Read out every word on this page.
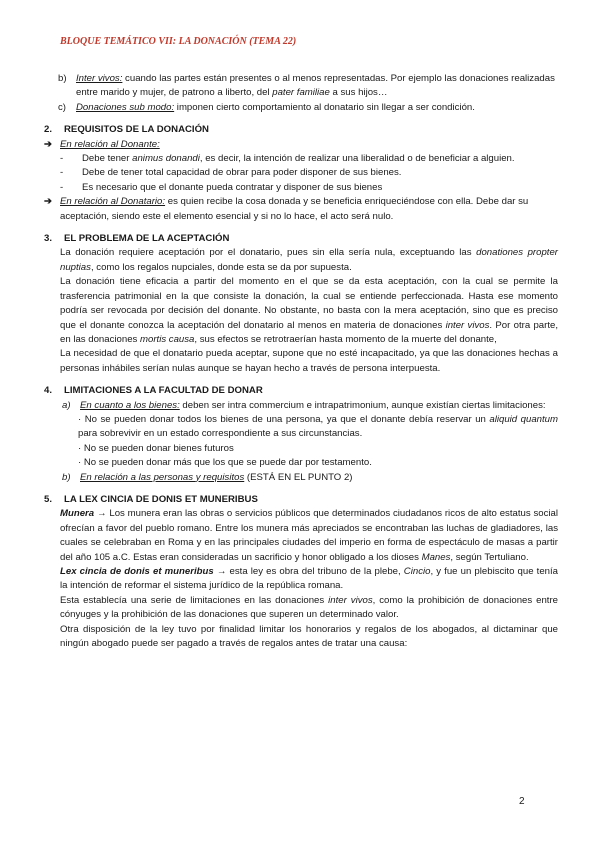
BLOQUE TEMÁTICO VII: LA DONACIÓN (TEMA 22)
b) Inter vivos: cuando las partes están presentes o al menos representadas. Por ejemplo las donaciones realizadas entre marido y mujer, de patrono a liberto, del pater familiae a sus hijos…
c)	Donaciones sub modo: imponen cierto comportamiento al donatario sin llegar a ser condición.
2. REQUISITOS DE LA DONACIÓN
➔ En relación al Donante:
-	Debe tener animus donandi, es decir, la intención de realizar una liberalidad o de beneficiar a alguien.
-	Debe de tener total capacidad de obrar para poder disponer de sus bienes.
-	Es necesario que el donante pueda contratar y disponer de sus bienes
➔ En relación al Donatario: es quien recibe la cosa donada y se beneficia enriqueciéndose con ella. Debe dar su aceptación, siendo este el elemento esencial y si no lo hace, el acto será nulo.
3. EL PROBLEMA DE LA ACEPTACIÓN
La donación requiere aceptación por el donatario, pues sin ella sería nula, exceptuando las donationes propter nuptias, como los regalos nupciales, donde esta se da por supuesta.
La donación tiene eficacia a partir del momento en el que se da esta aceptación, con la cual se permite la trasferencia patrimonial en la que consiste la donación, la cual se entiende perfeccionada. Hasta ese momento podría ser revocada por decisión del donante. No obstante, no basta con la mera aceptación, sino que es preciso que el donante conozca la aceptación del donatario al menos en materia de donaciones inter vivos. Por otra parte, en las donaciones mortis causa, sus efectos se retrotraerían hasta momento de la muerte del donante,
La necesidad de que el donatario pueda aceptar, supone que no esté incapacitado, ya que las donaciones hechas a personas inhábiles serían nulas aunque se hayan hecho a través de persona interpuesta.
4. LIMITACIONES A LA FACULTAD DE DONAR
a) En cuanto a los bienes: deben ser intra commercium e intrapatrimonium, aunque existían ciertas limitaciones:
· No se pueden donar todos los bienes de una persona, ya que el donante debía reservar un aliquid quantum para sobrevivir en un estado correspondiente a sus circunstancias.
· No se pueden donar bienes futuros
· No se pueden donar más que los que se puede dar por testamento.
b) En relación a las personas y requisitos (ESTÁ EN EL PUNTO 2)
5. LA LEX CINCIA DE DONIS ET MUNERIBUS
Munera → Los munera eran las obras o servicios públicos que determinados ciudadanos ricos de alto estatus social ofrecían a favor del pueblo romano. Entre los munera más apreciados se encontraban las luchas de gladiadores, las cuales se celebraban en Roma y en las principales ciudades del imperio en forma de espectáculo de masas a partir del año 105 a.C. Estas eran consideradas un sacrificio y honor obligado a los dioses Manes, según Tertuliano.
Lex cincia de donis et muneribus → esta ley es obra del tribuno de la plebe, Cincio, y fue un plebiscito que tenía la intención de reformar el sistema jurídico de la república romana.
Esta establecía una serie de limitaciones en las donaciones inter vivos, como la prohibición de donaciones entre cónyuges y la prohibición de las donaciones que superen un determinado valor.
Otra disposición de la ley tuvo por finalidad limitar los honorarios y regalos de los abogados, al dictaminar que ningún abogado puede ser pagado a través de regalos antes de tratar una causa:
2
